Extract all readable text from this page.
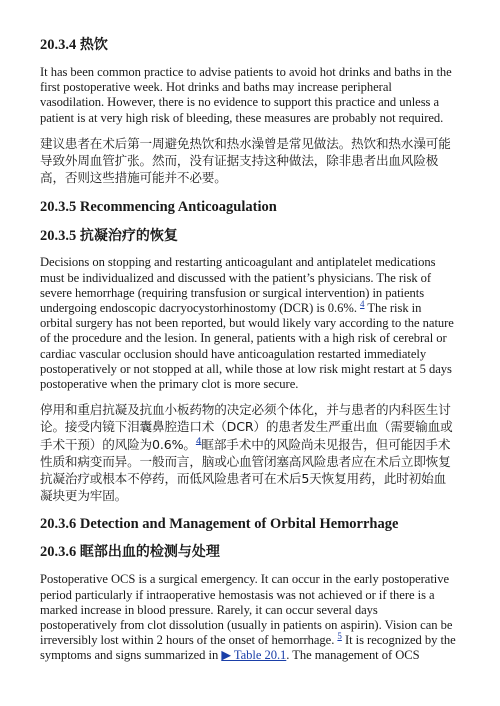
20.3.4 热饮
It has been common practice to advise patients to avoid hot drinks and baths in the
first postoperative week. Hot drinks and baths may increase peripheral
vasodilation. However, there is no evidence to support this practice and unless a
patient is at very high risk of bleeding, these measures are probably not required.
建议患者在术后第一周避免热饮和热水澡曾是常见做法。热饮和热水澡可能
导致外周血管扩张。然而，没有证据支持这种做法，除非患者出血风险极
高，否则这些措施可能并不必要。
20.3.5 Recommencing Anticoagulation
20.3.5 抗凝治疗的恢复
Decisions on stopping and restarting anticoagulant and antiplatelet medications
must be individualized and discussed with the patient’s physicians. The risk of
severe hemorrhage (requiring transfusion or surgical intervention) in patients
undergoing endoscopic dacryocystorhinostomy (DCR) is 0.6%. $^4$ The risk in
orbital surgery has not been reported, but would likely vary according to the nature
of the procedure and the lesion. In general, patients with a high risk of cerebral or
cardiac vascular occlusion should have anticoagulation restarted immediately
postoperatively or not stopped at all, while those at low risk might restart at 5 days
postoperative when the primary clot is more secure.
停用和重启抗凝及抗血小板药物的决定必须个体化，并与患者的内科医生讨
论。接受内镜下泪囊鼻腔造口术（DCR）的患者发生严重出血（需要输血或
手术干预）的风险为0.6%。$^4$眶部手术中的风险尚未见报告，但可能因手术
性质和病变而异。一般而言，脑或心血管闭塞高风险患者应在术后立即恢复
抗凝治疗或根本不停药，而低风险患者可在术后5天恢复用药，此时初始血
凝块更为牢固。
20.3.6 Detection and Management of Orbital Hemorrhage
20.3.6 眶部出血的检测与处理
Postoperative OCS is a surgical emergency. It can occur in the early postoperative
period particularly if intraoperative hemostasis was not achieved or if there is a
marked increase in blood pressure. Rarely, it can occur several days
postoperatively from clot dissolution (usually in patients on aspirin). Vision can be
irreversibly lost within 2 hours of the onset of hemorrhage. $^5$ It is recognized by the
symptoms and signs summarized in ▶ Table 20.1. The management of OCS
